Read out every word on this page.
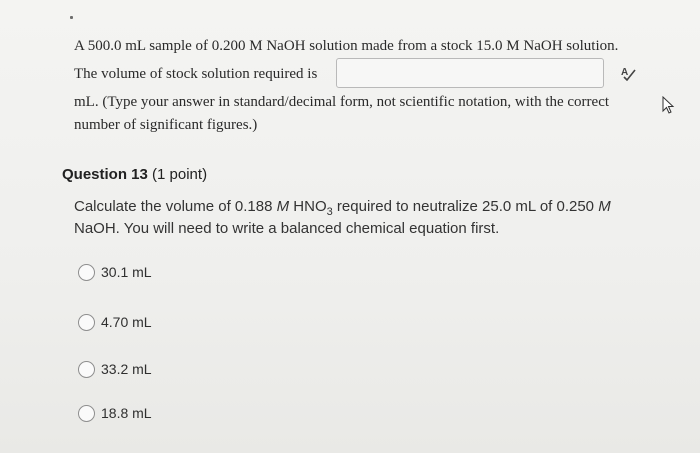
A 500.0 mL sample of 0.200 M NaOH solution made from a stock 15.0 M NaOH solution.
The volume of stock solution required is	A
mL. (Type your answer in standard/decimal form, not scientific notation, with the correct
number of significant figures.)
Question 13 (1 point)
Calculate the volume of 0.188 M $HNO_3$ required to neutralize 25.0 mL of 0.250 M
NaOH. You will need to write a balanced chemical equation first.
30.1 mL
4.70 mL
33.2 mL
18.8 mL
